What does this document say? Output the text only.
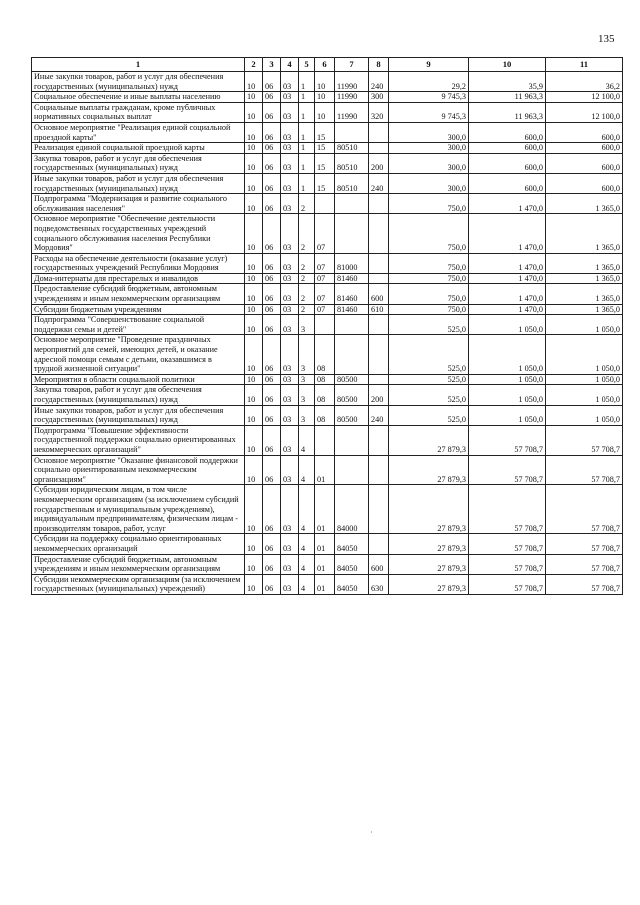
135
1	2	3	4	5	6	7	8	9	10	11
Иные закупки товаров, работ и услуг для обеспечения государственных (муниципальных) нужд	10	06	03	1	10	11990	240	29,2	35,9	36,2
Социальное обеспечение и иные выплаты населению	10	06	03	1	10	11990	300	9 745,3	11 963,3	12 100,0
Социальные выплаты гражданам, кроме публичных нормативных социальных выплат	10	06	03	1	10	11990	320	9 745,3	11 963,3	12 100,0
Основное мероприятие "Реализация единой социальной проездной карты"	10	06	03	1	15			300,0	600,0	600,0
Реализация единой социальной проездной карты	10	06	03	1	15	80510		300,0	600,0	600,0
Закупка товаров, работ и услуг для обеспечения государственных (муниципальных) нужд	10	06	03	1	15	80510	200	300,0	600,0	600,0
Иные закупки товаров, работ и услуг для обеспечения государственных (муниципальных) нужд	10	06	03	1	15	80510	240	300,0	600,0	600,0
Подпрограмма "Модернизация и развитие социального обслуживания населения"	10	06	03	2				750,0	1 470,0	1 365,0
Основное мероприятие "Обеспечение деятельности подведомственных государственных учреждений социального обслуживания населения Республики Мордовия"	10	06	03	2	07			750,0	1 470,0	1 365,0
Расходы на обеспечение деятельности (оказание услуг) государственных учреждений Республики Мордовия	10	06	03	2	07	81000		750,0	1 470,0	1 365,0
Дома-интернаты для престарелых и инвалидов	10	06	03	2	07	81460		750,0	1 470,0	1 365,0
Предоставление субсидий бюджетным, автономным учреждениям и иным некоммерческим организациям	10	06	03	2	07	81460	600	750,0	1 470,0	1 365,0
Субсидии бюджетным учреждениям	10	06	03	2	07	81460	610	750,0	1 470,0	1 365,0
Подпрограмма "Совершенствование социальной поддержки семьи и детей"	10	06	03	3				525,0	1 050,0	1 050,0
Основное мероприятие "Проведение праздничных мероприятий для семей, имеющих детей, и оказание адресной помощи семьям с детьми, оказавшимся в трудной жизненной ситуации"	10	06	03	3	08			525,0	1 050,0	1 050,0
Мероприятия в области социальной политики	10	06	03	3	08	80500		525,0	1 050,0	1 050,0
Закупка товаров, работ и услуг для обеспечения государственных (муниципальных) нужд	10	06	03	3	08	80500	200	525,0	1 050,0	1 050,0
Иные закупки товаров, работ и услуг для обеспечения государственных (муниципальных) нужд	10	06	03	3	08	80500	240	525,0	1 050,0	1 050,0
Подпрограмма "Повышение эффективности государственной поддержки социально ориентированных некоммерческих организаций"	10	06	03	4				27 879,3	57 708,7	57 708,7
Основное мероприятие "Оказание финансовой поддержки социально ориентированным некоммерческим организациям"	10	06	03	4	01			27 879,3	57 708,7	57 708,7
Субсидии юридическим лицам, в том числе некоммерческим организациям (за исключением субсидий государственным и муниципальным учреждениям), индивидуальным предпринимателям, физическим лицам - производителям товаров, работ, услуг	10	06	03	4	01	84000		27 879,3	57 708,7	57 708,7
Субсидии на поддержку социально ориентированных некоммерческих организаций	10	06	03	4	01	84050		27 879,3	57 708,7	57 708,7
Предоставление субсидий бюджетным, автономным учреждениям и иным некоммерческим организациям	10	06	03	4	01	84050	600	27 879,3	57 708,7	57 708,7
Субсидии некоммерческим организациям (за исключением государственных (муниципальных) учреждений)	10	06	03	4	01	84050	630	27 879,3	57 708,7	57 708,7
·
